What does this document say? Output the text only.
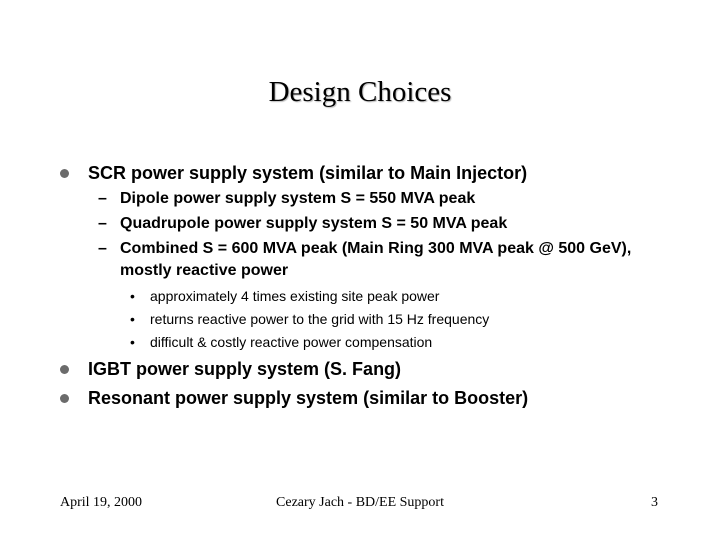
Design Choices
SCR power supply system (similar to Main Injector)
– Dipole power supply system S = 550 MVA peak
– Quadrupole power supply system S = 50 MVA peak
– Combined S = 600 MVA peak (Main Ring 300 MVA peak @ 500 GeV), mostly reactive power
• approximately 4 times existing site peak power
• returns reactive power to the grid with 15 Hz frequency
• difficult & costly reactive power compensation
IGBT power supply system (S. Fang)
Resonant power supply system (similar to Booster)
April 19, 2000	Cezary Jach - BD/EE Support	3
